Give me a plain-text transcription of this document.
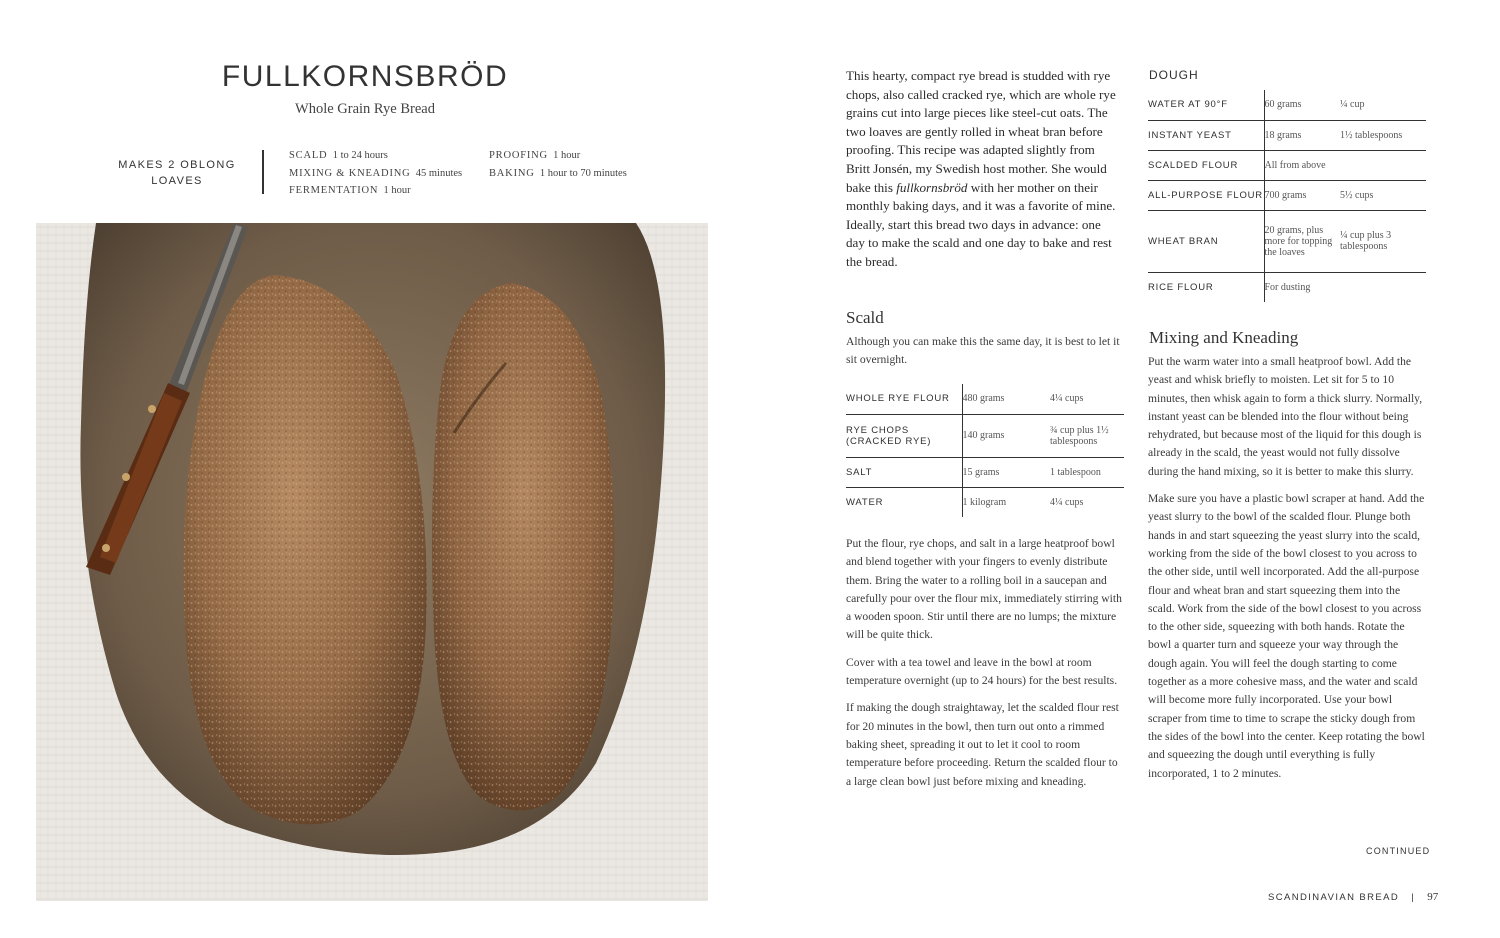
FULLKORNSBRÖD
Whole Grain Rye Bread
MAKES 2 OBLONG LOAVES
SCALD 1 to 24 hours
MIXING & KNEADING 45 minutes
FERMENTATION 1 hour
PROOFING 1 hour
BAKING 1 hour to 70 minutes
This hearty, compact rye bread is studded with rye chops, also called cracked rye, which are whole rye grains cut into large pieces like steel-cut oats. The two loaves are gently rolled in wheat bran before proofing. This recipe was adapted slightly from Britt Jonsén, my Swedish host mother. She would bake this fullkornsbröd with her mother on their monthly baking days, and it was a favorite of mine. Ideally, start this bread two days in advance: one day to make the scald and one day to bake and rest the bread.
Scald
Although you can make this the same day, it is best to let it sit overnight.
WHOLE RYE FLOUR	480 grams	4¼ cups
RYE CHOPS (CRACKED RYE)	140 grams	¾ cup plus 1½ tablespoons
SALT	15 grams	1 tablespoon
WATER	1 kilogram	4¼ cups

Put the flour, rye chops, and salt in a large heatproof bowl and blend together with your fingers to evenly distribute them. Bring the water to a rolling boil in a saucepan and carefully pour over the flour mix, immediately stirring with a wooden spoon. Stir until there are no lumps; the mixture will be quite thick.

Cover with a tea towel and leave in the bowl at room temperature overnight (up to 24 hours) for the best results.

If making the dough straightaway, let the scalded flour rest for 20 minutes in the bowl, then turn out onto a rimmed baking sheet, spreading it out to let it cool to room temperature before proceeding. Return the scalded flour to a large clean bowl just before mixing and kneading.

DOUGH
WATER AT 90°F	60 grams	¼ cup
INSTANT YEAST	18 grams	1½ tablespoons
SCALDED FLOUR	All from above	
ALL-PURPOSE FLOUR	700 grams	5½ cups
WHEAT BRAN	20 grams, plus more for topping the loaves	¼ cup plus 3 tablespoons
RICE FLOUR	For dusting	
Mixing and Kneading

Put the warm water into a small heatproof bowl. Add the yeast and whisk briefly to moisten. Let sit for 5 to 10 minutes, then whisk again to form a thick slurry. Normally, instant yeast can be blended into the flour without being rehydrated, but because most of the liquid for this dough is already in the scald, the yeast would not fully dissolve during the hand mixing, so it is better to make this slurry.

Make sure you have a plastic bowl scraper at hand. Add the yeast slurry to the bowl of the scalded flour. Plunge both hands in and start squeezing the yeast slurry into the scald, working from the side of the bowl closest to you across to the other side, until well incorporated. Add the all-purpose flour and wheat bran and start squeezing them into the scald. Work from the side of the bowl closest to you across to the other side, squeezing with both hands. Rotate the bowl a quarter turn and squeeze your way through the dough again. You will feel the dough starting to come together as a more cohesive mass, and the water and scald will become more fully incorporated. Use your bowl scraper from time to time to scrape the sticky dough from the sides of the bowl into the center. Keep rotating the bowl and squeezing the dough until everything is fully incorporated, 1 to 2 minutes.

CONTINUED
SCANDINAVIAN BREAD | 97
